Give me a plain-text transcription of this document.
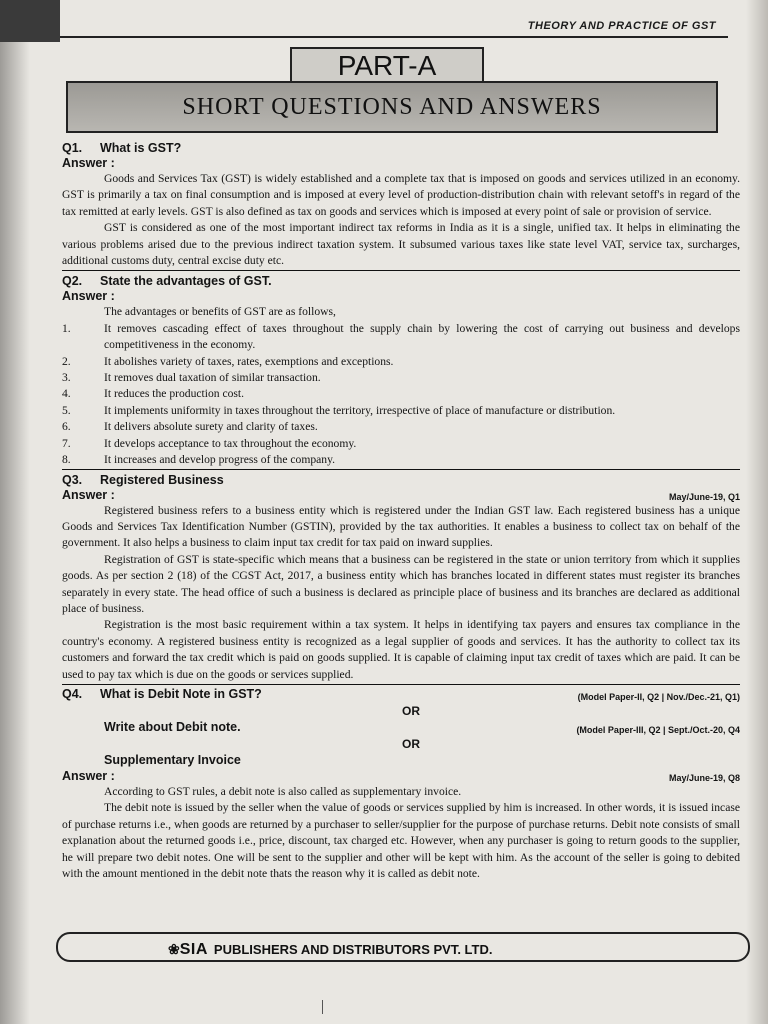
THEORY AND PRACTICE OF GST
PART-A
SHORT QUESTIONS AND ANSWERS
Q1. What is GST?
Answer :

Goods and Services Tax (GST) is widely established and a complete tax that is imposed on goods and services utilized in an economy. GST is primarily a tax on final consumption and is imposed at every level of production-distribution chain with relevant setoff's in regard of the tax remitted at early levels. GST is also defined as tax on goods and services which is imposed at every point of sale or provision of service.

GST is considered as one of the most important indirect tax reforms in India as it is a single, unified tax. It helps in eliminating the various problems arised due to the previous indirect taxation system. It subsumed various taxes like state level VAT, service tax, surcharges, additional customs duty, central excise duty etc.

Q2. State the advantages of GST.
Answer :

The advantages or benefits of GST are as follows,

1.	It removes cascading effect of taxes throughout the supply chain by lowering the cost of carrying out business and develops competitiveness in the economy.
2.	It abolishes variety of taxes, rates, exemptions and exceptions.
3.	It removes dual taxation of similar transaction.
4.	It reduces the production cost.
5.	It implements uniformity in taxes throughout the territory, irrespective of place of manufacture or distribution.
6.	It delivers absolute surety and clarity of taxes.
7.	It develops acceptance to tax throughout the economy.
8.	It increases and develop progress of the company.
Q3. Registered Business
Answer :	May/June-19, Q1

Registered business refers to a business entity which is registered under the Indian GST law. Each registered business has a unique Goods and Services Tax Identification Number (GSTIN), provided by the tax authorities. It enables a business to collect tax on behalf of the government. It also helps a business to claim input tax credit for tax paid on inward supplies.

Registration of GST is state-specific which means that a business can be registered in the state or union territory from which it supplies goods. As per section 2 (18) of the CGST Act, 2017, a business entity which has branches located in different states must register its branches separately in every state. The head office of such a business is declared as principle place of business and its branches are declared as additional place of business.

Registration is the most basic requirement within a tax system. It helps in identifying tax payers and ensures tax compliance in the country's economy. A registered business entity is recognized as a legal supplier of goods and services. It has the authority to collect tax its customers and forward the tax credit which is paid on goods supplied. It is capable of claiming input tax credit of taxes which are paid. It can be used to pay tax which is due on the goods or services supplied.

Q4. What is Debit Note in GST?	(Model Paper-II, Q2 | Nov./Dec.-21, Q1)
OR
Write about Debit note.	(Model Paper-III, Q2 | Sept./Oct.-20, Q4
OR
Supplementary Invoice
Answer :	May/June-19, Q8

According to GST rules, a debit note is also called as supplementary invoice.

The debit note is issued by the seller when the value of goods or services supplied by him is increased. In other words, it is issued incase of purchase returns i.e., when goods are returned by a purchaser to seller/supplier for the purpose of purchase returns. Debit note consists of small explanation about the returned goods i.e., price, discount, tax charged etc. However, when any purchaser is going to return goods to the supplier, he will prepare two debit notes. One will be sent to the supplier and other will be kept with him. As the account of the seller is going to debited with the amount mentioned in the debit note thats the reason why it is called as debit note.

❀SIA PUBLISHERS AND DISTRIBUTORS PVT. LTD.
